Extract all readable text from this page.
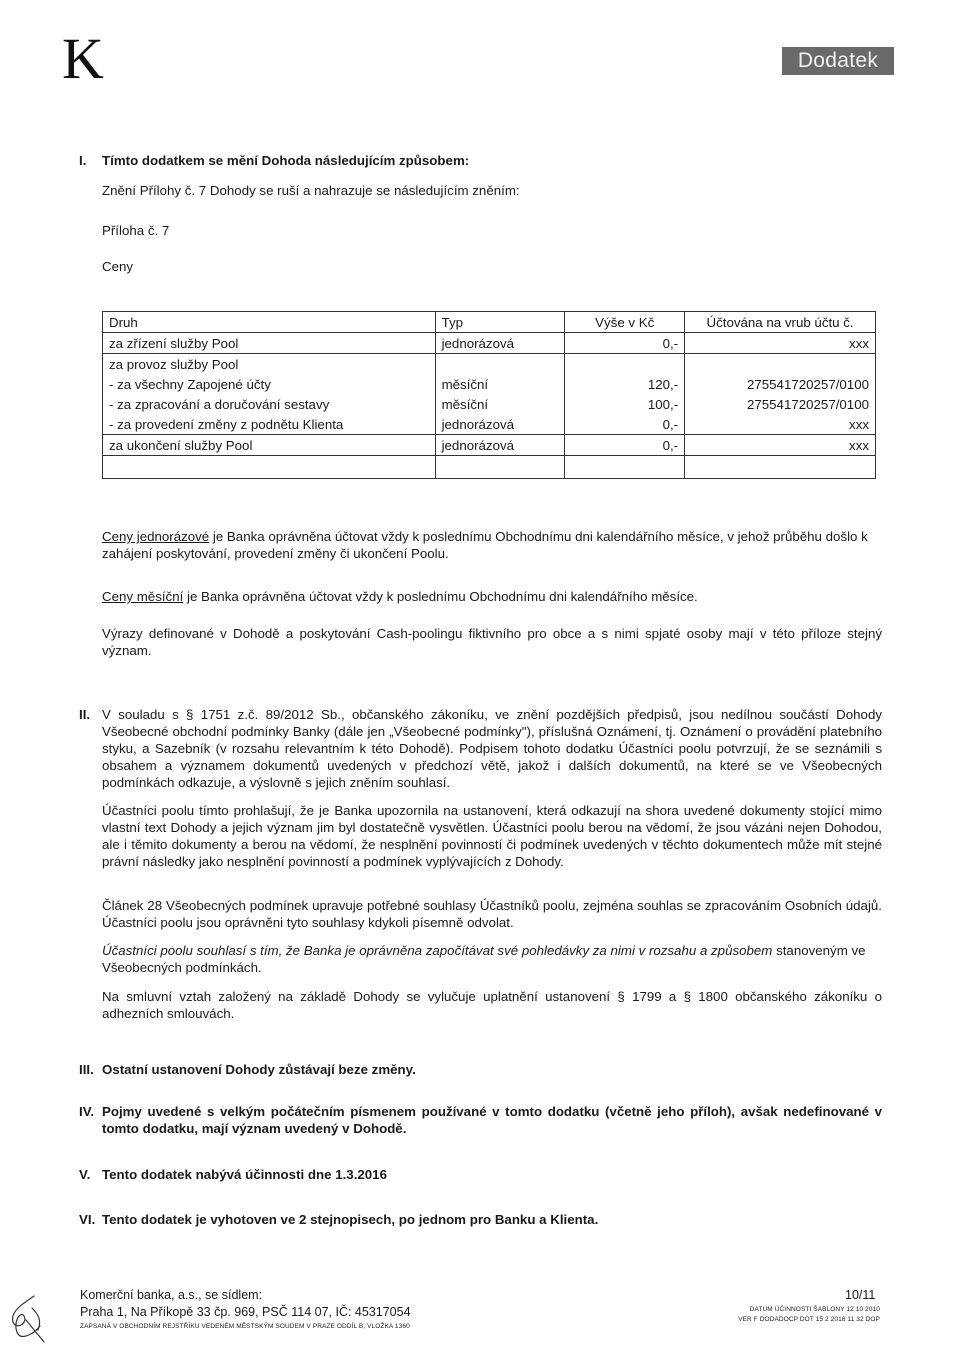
K	Dodatek
I. Tímto dodatkem se mění Dohoda následujícím způsobem:
Znění Přílohy č. 7 Dohody se ruší a nahrazuje se následujícím zněním:
Příloha č. 7
Ceny
Druh	Typ	Výše v Kč	Účtována na vrub účtu č.
za zřízení služby Pool	jednorázová	0,-	xxx
za provoz služby Pool			
- za všechny Zapojené účty	měsíční	120,-	275541720257/0100
- za zpracování a doručování sestavy	měsíční	100,-	275541720257/0100
- za provedení změny z podnětu Klienta	jednorázová	0,-	xxx
za ukončení služby Pool	jednorázová	0,-	xxx

Ceny jednorázové je Banka oprávněna účtovat vždy k poslednímu Obchodnímu dni kalendářního měsíce, v jehož průběhu došlo k zahájení poskytování, provedení změny či ukončení Poolu.
Ceny měsíční je Banka oprávněna účtovat vždy k poslednímu Obchodnímu dni kalendářního měsíce.
Výrazy definované v Dohodě a poskytování Cash-poolingu fiktivního pro obce a s nimi spjaté osoby mají v této příloze stejný význam.
II. V souladu s § 1751 z.č. 89/2012 Sb., občanského zákoníku, ve znění pozdějších předpisů, jsou nedílnou součástí Dohody Všeobecné obchodní podmínky Banky (dále jen „Všeobecné podmínky"), příslušná Oznámení, tj. Oznámení o provádění platebního styku, a Sazebník (v rozsahu relevantním k této Dohodě). Podpisem tohoto dodatku Účastníci poolu potvrzují, že se seznámili s obsahem a významem dokumentů uvedených v předchozí větě, jakož i dalších dokumentů, na které se ve Všeobecných podmínkách odkazuje, a výslovně s jejich zněním souhlasí.
Účastníci poolu tímto prohlašují, že je Banka upozornila na ustanovení, která odkazují na shora uvedené dokumenty stojící mimo vlastní text Dohody a jejich význam jim byl dostatečně vysvětlen. Účastníci poolu berou na vědomí, že jsou vázáni nejen Dohodou, ale i těmito dokumenty a berou na vědomí, že nesplnění povinností či podmínek uvedených v těchto dokumentech může mít stejné právní následky jako nesplnění povinností a podmínek vyplývajících z Dohody.
Článek 28 Všeobecných podmínek upravuje potřebné souhlasy Účastníků poolu, zejména souhlas se zpracováním Osobních údajů. Účastníci poolu jsou oprávněni tyto souhlasy kdykoli písemně odvolat.
Účastníci poolu souhlasí s tím, že Banka je oprávněna započítávat své pohledávky za nimi v rozsahu a způsobem stanoveným ve Všeobecných podmínkách.
Na smluvní vztah založený na základě Dohody se vylučuje uplatnění ustanovení § 1799 a § 1800 občanského zákoníku o adhezních smlouvách.
III. Ostatní ustanovení Dohody zůstávají beze změny.
IV. Pojmy uvedené s velkým počátečním písmenem používané v tomto dodatku (včetně jeho příloh), avšak nedefinované v tomto dodatku, mají význam uvedený v Dohodě.
V. Tento dodatek nabývá účinnosti dne 1.3.2016
VI. Tento dodatek je vyhotoven ve 2 stejnopisech, po jednom pro Banku a Klienta.
Komerční banka, a.s., se sídlem:
Praha 1, Na Příkopě 33 čp. 969, PSČ 114 07, IČ: 45317054
ZAPSANÁ V OBCHODNÍM REJSTŘÍKU VEDENÉM MĚSTSKÝM SOUDEM V PRAZE ODDÍL B, VLOŽKA 1360
10/11
DATUM ÚČINNOSTI ŠABLONY 12 10 2010
VER F DODADOCP DOT 15 2 2016 11 32 DOP
